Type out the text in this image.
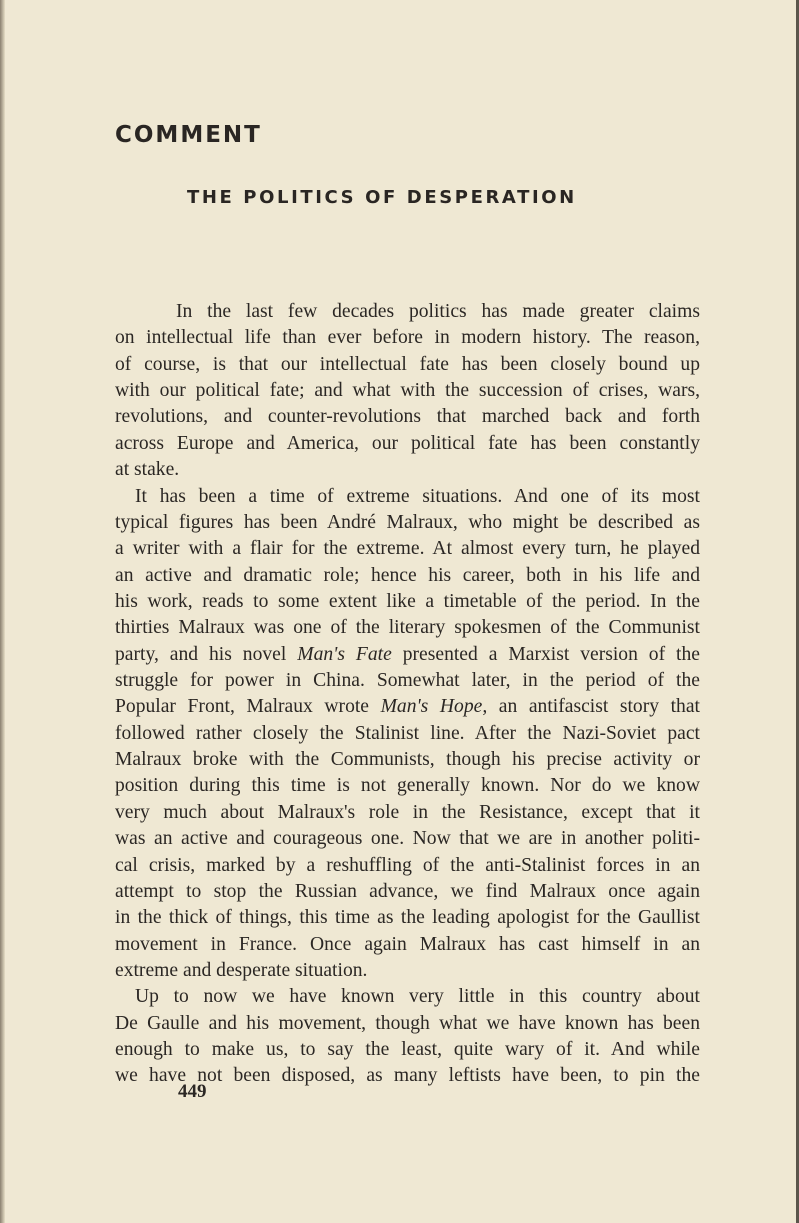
COMMENT
THE POLITICS OF DESPERATION
In the last few decades politics has made greater claims
on intellectual life than ever before in modern history. The reason,
of course, is that our intellectual fate has been closely bound up
with our political fate; and what with the succession of crises, wars,
revolutions, and counter-revolutions that marched back and forth
across Europe and America, our political fate has been constantly
at stake.
It has been a time of extreme situations. And one of its most
typical figures has been André Malraux, who might be described as
a writer with a flair for the extreme. At almost every turn, he played
an active and dramatic role; hence his career, both in his life and
his work, reads to some extent like a timetable of the period. In the
thirties Malraux was one of the literary spokesmen of the Communist
party, and his novel Man's Fate presented a Marxist version of the
struggle for power in China. Somewhat later, in the period of the
Popular Front, Malraux wrote Man's Hope, an antifascist story that
followed rather closely the Stalinist line. After the Nazi-Soviet pact
Malraux broke with the Communists, though his precise activity or
position during this time is not generally known. Nor do we know
very much about Malraux's role in the Resistance, except that it
was an active and courageous one. Now that we are in another politi-
cal crisis, marked by a reshuffling of the anti-Stalinist forces in an
attempt to stop the Russian advance, we find Malraux once again
in the thick of things, this time as the leading apologist for the Gaullist
movement in France. Once again Malraux has cast himself in an
extreme and desperate situation.
Up to now we have known very little in this country about
De Gaulle and his movement, though what we have known has been
enough to make us, to say the least, quite wary of it. And while
we have not been disposed, as many leftists have been, to pin the
449
